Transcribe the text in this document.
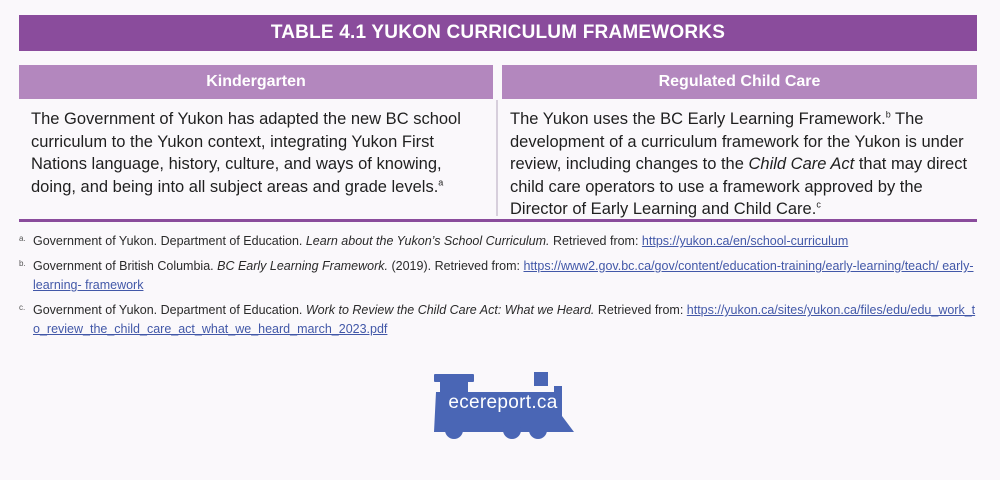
TABLE 4.1 YUKON CURRICULUM FRAMEWORKS
Kindergarten	Regulated Child Care
The Government of Yukon has adapted the new BC school curriculum to the Yukon context, integrating Yukon First Nations language, history, culture, and ways of knowing, doing, and being into all subject areas and grade levels.$^a$
The Yukon uses the BC Early Learning Framework.$^b$ The development of a curriculum framework for the Yukon is under review, including changes to the Child Care Act that may direct child care operators to use a framework approved by the Director of Early Learning and Child Care.$^c$
a. Government of Yukon. Department of Education. Learn about the Yukon’s School Curriculum. Retrieved from: https://yukon.ca/en/school-curriculum
b. Government of British Columbia. BC Early Learning Framework. (2019). Retrieved from: https://www2.gov.bc.ca/gov/content/education-training/early-learning/teach/ early-learning- framework
c. Government of Yukon. Department of Education. Work to Review the Child Care Act: What we Heard. Retrieved from: https://yukon.ca/sites/yukon.ca/files/edu/edu_work_to_review_the_child_care_act_what_we_heard_march_2023.pdf
ecereport.ca
